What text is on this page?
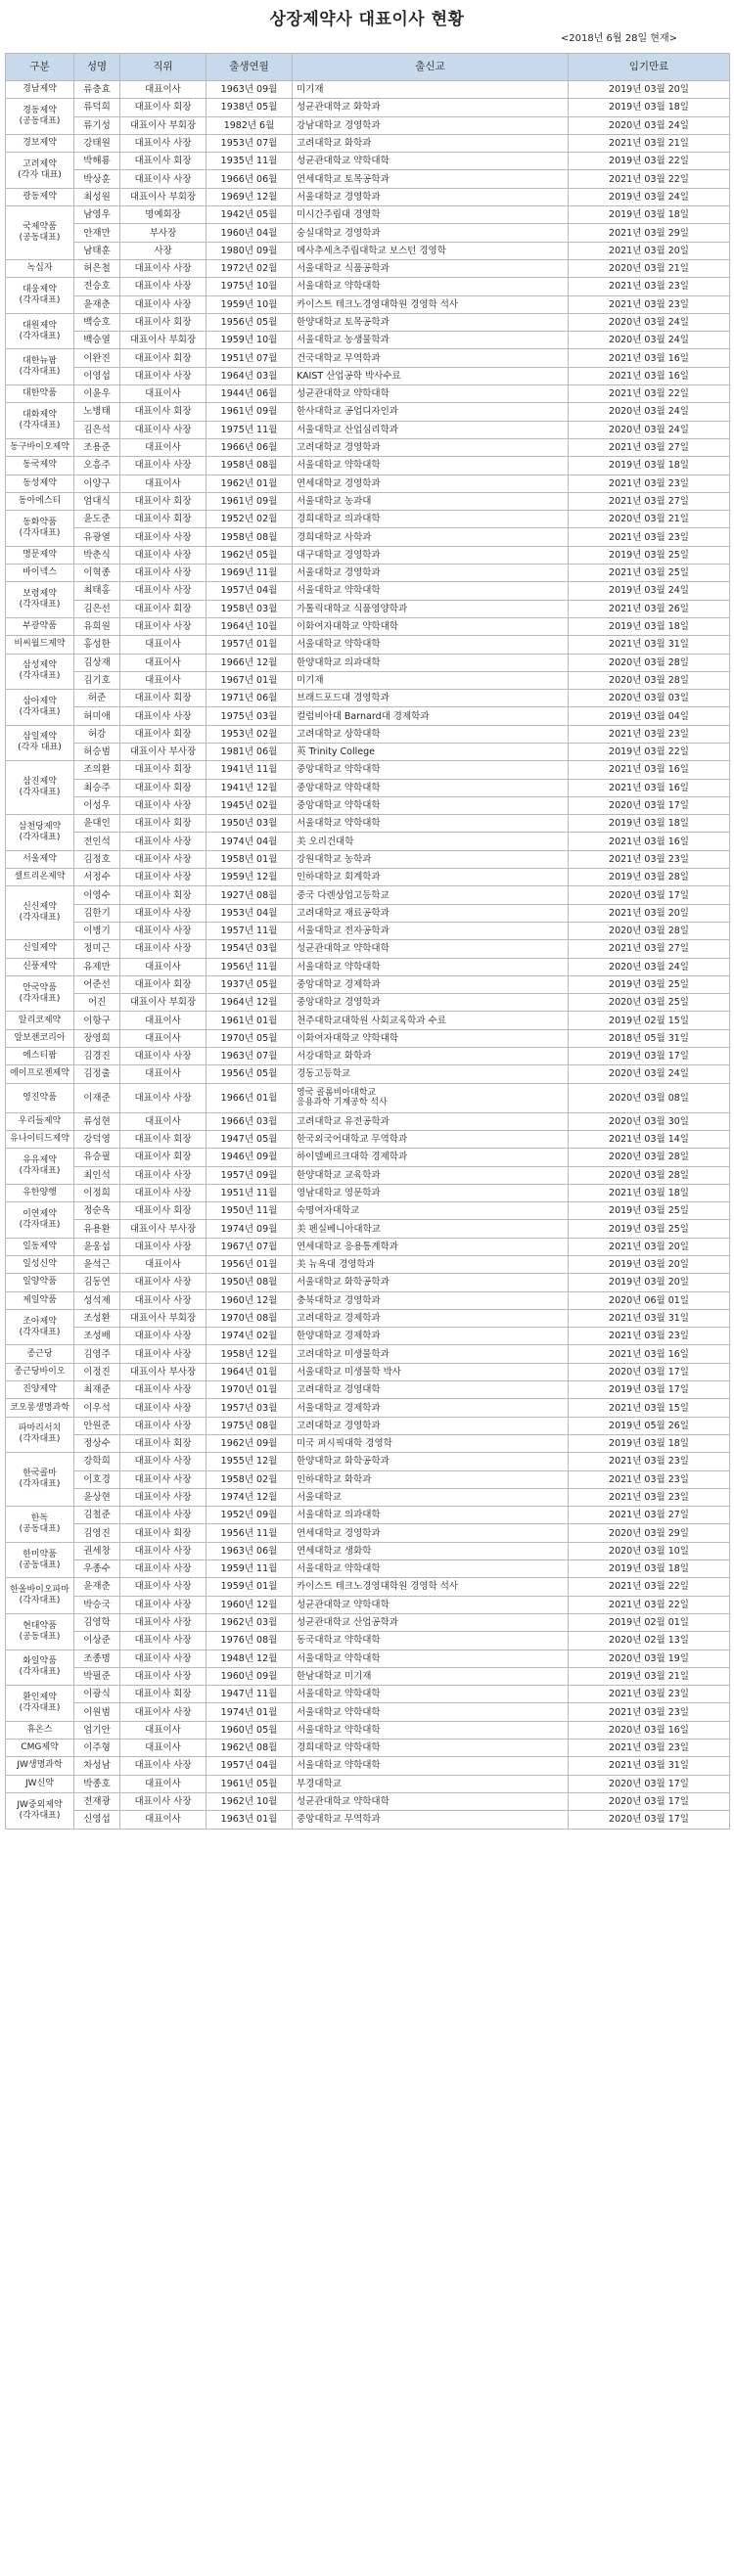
상장제약사 대표이사 현황
<2018년 6월 28일 현재>
구분	성명	직위	출생연월	출신교	임기만료
경남제약	류충효	대표이사	1963년 09월	미기재	2019년 03월 20일
경동제약
(공동대표)	류덕희	대표이사 회장	1938년 05월	성균관대학교 화학과	2019년 03월 18일
	류기성	대표이사 부회장	1982년 6월	강남대학교 경영학과	2020년 03월 24일
경보제약	강태원	대표이사 사장	1953년 07월	고려대학교 화학과	2021년 03월 21일
고려제약
(각자 대표)	박해룡	대표이사 회장	1935년 11월	성균관대학교 약학대학	2019년 03월 22일
	박상훈	대표이사 사장	1966년 06월	연세대학교 토목공학과	2021년 03월 22일
광동제약	최성원	대표이사 부회장	1969년 12월	서울대학교 경영학과	2019년 03월 24일
국제약품
(공동대표)	남영우	명예회장	1942년 05월	미시간주립대 경영학	2019년 03월 18일
	안재만	부사장	1960년 04월	숭실대학교 경영학과	2021년 03월 29일
	남태훈	사장	1980년 09월	메사추세츠주립대학교 보스턴 경영학	2021년 03월 20일
녹십자	허은철	대표이사 사장	1972년 02월	서울대학교 식품공학과	2020년 03월 21일
대웅제약
(각자대표)	전승호	대표이사 사장	1975년 10월	서울대학교 약학대학	2021년 03월 23일
	윤재춘	대표이사 사장	1959년 10월	카이스트 테크노경영대학원 경영학 석사	2021년 03월 23일
대원제약
(각자대표)	백승호	대표이사 회장	1956년 05월	한양대학교 토목공학과	2020년 03월 24일
	백승열	대표이사 부회장	1959년 10월	서울대학교 농생물학과	2020년 03월 24일
대한뉴팜
(각자대표)	이완진	대표이사 회장	1951년 07월	건국대학교 무역학과	2021년 03월 16일
	이영섭	대표이사 사장	1964년 03월	KAIST 산업공학 박사수료	2021년 03월 16일
대한약품	이윤우	대표이사	1944년 06월	성균관대학교 약학대학	2021년 03월 22일
대화제약
(각자대표)	노병태	대표이사 회장	1961년 09월	한사대학교 공업디자인과	2020년 03월 24일
	김은석	대표이사 사장	1975년 11월	서울대학교 산업심리학과	2020년 03월 24일
동구바이오제약	조용준	대표이사	1966년 06월	고려대학교 경영학과	2021년 03월 27일
동국제약	오흥주	대표이사 사장	1958년 08월	서울대학교 약학대학	2019년 03월 18일
동성제약	이양구	대표이사	1962년 01월	연세대학교 경영학과	2021년 03월 23일
동아에스티	엄대식	대표이사 회장	1961년 09월	서울대학교 농과대	2021년 03월 27일
동화약품
(각자대표)	윤도준	대표이사 회장	1952년 02월	경희대학교 의과대학	2020년 03월 21일
	유광열	대표이사 사장	1958년 08월	경희대학교 사학과	2021년 03월 23일
명문제약	박춘식	대표이사 사장	1962년 05월	대구대학교 경영학과	2019년 03월 25일
바이넥스	이혁종	대표이사 사장	1969년 11월	서울대학교 경영학과	2021년 03월 25일
보령제약
(각자대표)	최태홍	대표이사 사장	1957년 04월	서울대학교 약학대학	2019년 03월 24일
	김은선	대표이사 회장	1958년 03월	가톨릭대학교 식품영양학과	2021년 03월 26일
부광약품	유희원	대표이사 사장	1964년 10월	이화여자대학교 약학대학	2019년 03월 18일
비씨월드제약	홍성한	대표이사	1957년 01월	서울대학교 약학대학	2021년 03월 31일
삼성제약
(각자대표)	김상재	대표이사	1966년 12월	한양대학교 의과대학	2020년 03월 28일
	김기호	대표이사	1967년 01월	미기재	2020년 03월 28일
삼아제약
(각자대표)	허준	대표이사 회장	1971년 06월	브래드포드대 경영학과	2020년 03월 03일
	허미애	대표이사 사장	1975년 03월	컬럼비아대 Barnard대 경제학과	2019년 03월 04일
삼일제약
(각자 대표)	허강	대표이사 회장	1953년 02월	고려대학교 상학대학	2021년 03월 23일
	허승범	대표이사 부사장	1981년 06월	英 Trinity College	2019년 03월 22일
삼진제약
(각자대표)	조의환	대표이사 회장	1941년 11월	중앙대학교 약학대학	2021년 03월 16일
	최승주	대표이사 회장	1941년 12월	중앙대학교 약학대학	2021년 03월 16일
	이성우	대표이사 사장	1945년 02월	중앙대학교 약학대학	2020년 03월 17일
삼천당제약
(각자대표)	윤대인	대표이사 회장	1950년 03월	서울대학교 약학대학	2019년 03월 18일
	전인석	대표이사 사장	1974년 04월	美 오리건대학	2021년 03월 16일
서울제약	김정호	대표이사 사장	1958년 01월	강원대학교 농학과	2021년 03월 23일
셀트리온제약	서정수	대표이사 사장	1959년 12월	인하대학교 회계학과	2019년 03월 28일
신신제약
(각자대표)	이영수	대표이사 회장	1927년 08월	중국 다렌상업고등학교	2020년 03월 17일
	김한기	대표이사 사장	1953년 04월	고려대학교 재료공학과	2021년 03월 20일
	이병기	대표이사 사장	1957년 11월	서울대학교 전자공학과	2020년 03월 28일
신일제약	정미근	대표이사 사장	1954년 03월	성균관대학교 약학대학	2021년 03월 27일
신풍제약	유제만	대표이사	1956년 11월	서울대학교 약학대학	2020년 03월 24일
안국약품
(각자대표)	어준선	대표이사 회장	1937년 05월	중앙대학교 경제학과	2019년 03월 25일
	어진	대표이사 부회장	1964년 12월	중앙대학교 경영학과	2020년 03월 25일
알리코제약	이항구	대표이사	1961년 01월	천주대학교대학원 사회교육학과 수료	2019년 02월 15일
알보젠코리아	장영희	대표이사	1970년 05월	이화여자대학교 약학대학	2018년 05월 31일
에스티팜	김경진	대표이사 사장	1963년 07월	서강대학교 화학과	2019년 03월 17일
에이프로젠제약	김정출	대표이사	1956년 05월	경동고등학교	2020년 03월 24일
영진약품	이재준	대표이사 사장	1966년 01월	영국 콜롬비아대학교
응용과학 기계공학 석사	2020년 03월 08일
우리들제약	류성현	대표이사	1966년 03월	고려대학교 유전공학과	2020년 03월 30일
유나이티드제약	강덕영	대표이사 회장	1947년 05월	한국외국어대학교 무역학과	2021년 03월 14일
유유제약
(각자대표)	유승필	대표이사 회장	1946년 09월	하이델베르크대학 경제학과	2020년 03월 28일
	최인석	대표이사 사장	1957년 09월	한양대학교 교육학과	2020년 03월 28일
유한양행	이정희	대표이사 사장	1951년 11월	영남대학교 영문학과	2021년 03월 18일
이연제약
(각자대표)	정순옥	대표이사 회장	1950년 11월	숙명여자대학교	2019년 03월 25일
	유용환	대표이사 부사장	1974년 09월	美 펜실베니아대학교	2019년 03월 25일
일동제약	윤웅섭	대표이사 사장	1967년 07월	연세대학교 응용통계학과	2021년 03월 20일
일성신약	윤석근	대표이사	1956년 01월	美 뉴욕대 경영학과	2019년 03월 20일
일양약품	김동연	대표이사 사장	1950년 08월	서울대학교 화학공학과	2019년 03월 20일
제일약품	성석제	대표이사 사장	1960년 12월	충북대학교 경영학과	2020년 06월 01일
조아제약
(각자대표)	조성환	대표이사 부회장	1970년 08월	고려대학교 경제학과	2021년 03월 31일
	조성배	대표이사 사장	1974년 02월	한양대학교 경제학과	2021년 03월 23일
종근당	김영주	대표이사 사장	1958년 12월	고려대학교 미생물학과	2021년 03월 16일
종근당바이오	이정진	대표이사 부사장	1964년 01월	서울대학교 미생물학 박사	2020년 03월 17일
진양제약	최재준	대표이사 사장	1970년 01월	고려대학교 경영대학	2019년 03월 17일
코오롱생명과학	이우석	대표이사 사장	1957년 03월	서울대학교 경제학과	2021년 03월 15일
파마리서치
(각자대표)	안원준	대표이사 사장	1975년 08월	고려대학교 경영학과	2019년 05월 26일
	정상수	대표이사 회장	1962년 09월	미국 퍼시픽대학 경영학	2019년 03월 18일
한국콜마
(각자대표)	강학희	대표이사 사장	1955년 12월	한양대학교 화학공학과	2021년 03월 23일
	이호경	대표이사 사장	1958년 02월	인하대학교 화학과	2021년 03월 23일
	윤상현	대표이사 사장	1974년 12월	서울대학교	2021년 03월 23일
한독
(공동대표)	김철준	대표이사 사장	1952년 09월	서울대학교 의과대학	2021년 03월 27일
	김영진	대표이사 회장	1956년 11월	연세대학교 경영학과	2020년 03월 29일
한미약품
(공동대표)	권세창	대표이사 사장	1963년 06월	연세대학교 생화학	2020년 03월 10일
	우종수	대표이사 사장	1959년 11월	서울대학교 약학대학	2019년 03월 18일
한올바이오파마
(각자대표)	윤재춘	대표이사 사장	1959년 01월	카이스트 테크노경영대학원 경영학 석사	2021년 03월 22일
	박승국	대표이사 사장	1960년 12월	성균관대학교 약학대학	2021년 03월 22일
현대약품
(공동대표)	김영학	대표이사 사장	1962년 03월	성균관대학교 산업공학과	2019년 02월 01일
	이상준	대표이사 사장	1976년 08월	동국대학교 약학대학	2020년 02월 13일
화일약품
(각자대표)	조종명	대표이사 사장	1948년 12월	서울대학교 약학대학	2020년 03월 19일
	박필준	대표이사 사장	1960년 09월	한남대학교 미기재	2019년 03월 21일
환인제약
(각자대표)	이광식	대표이사 회장	1947년 11월	서울대학교 약학대학	2021년 03월 23일
	이원범	대표이사 사장	1974년 01월	서울대학교 약학대학	2021년 03월 23일
휴온스	엄기안	대표이사	1960년 05월	서울대학교 약학대학	2020년 03월 16일
CMG제약	이주형	대표이사	1962년 08월	경희대학교 약학대학	2021년 03월 23일
JW생명과학	차성남	대표이사 사장	1957년 04월	서울대학교 약학대학	2021년 03월 31일
JW신약	박종호	대표이사	1961년 05월	부경대학교	2020년 03월 17일
JW중외제약
(각자대표)	전재광	대표이사 사장	1962년 10월	성균관대학교 약학대학	2020년 03월 17일
	신영섭	대표이사	1963년 01월	중앙대학교 무역학과	2020년 03월 17일
